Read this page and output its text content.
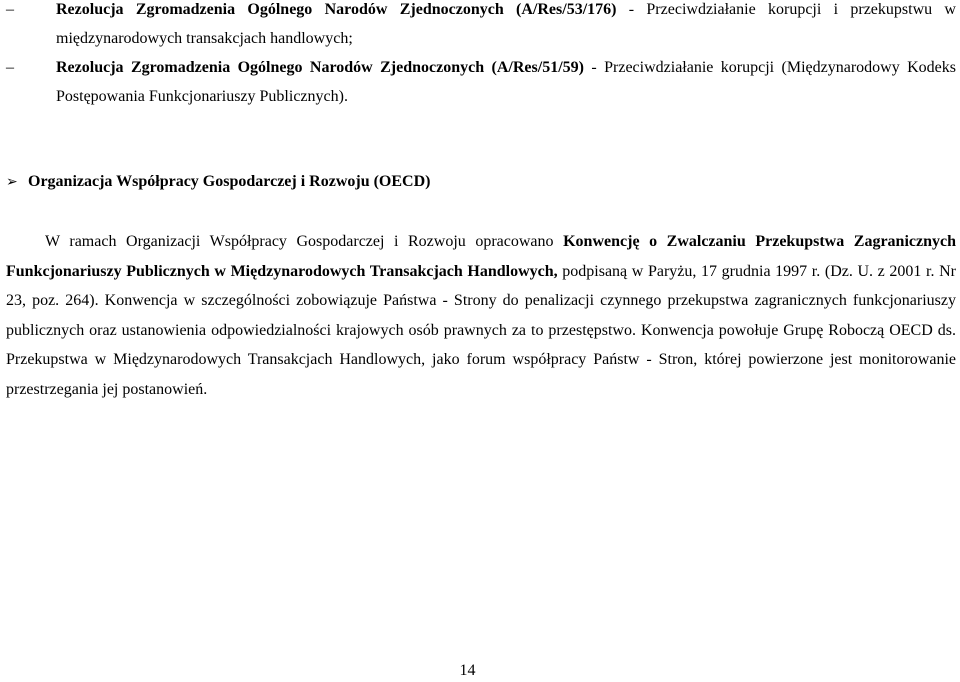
–	Rezolucja Zgromadzenia Ogólnego Narodów Zjednoczonych (A/Res/53/176) - Przeciwdziałanie korupcji i przekupstwu w międzynarodowych transakcjach handlowych;
–	Rezolucja Zgromadzenia Ogólnego Narodów Zjednoczonych (A/Res/51/59) - Przeciwdziałanie korupcji (Międzynarodowy Kodeks Postępowania Funkcjonariuszy Publicznych).
➢ Organizacja Współpracy Gospodarczej i Rozwoju (OECD)
W ramach Organizacji Współpracy Gospodarczej i Rozwoju opracowano Konwencję o Zwalczaniu Przekupstwa Zagranicznych Funkcjonariuszy Publicznych w Międzynarodowych Transakcjach Handlowych, podpisaną w Paryżu, 17 grudnia 1997 r. (Dz. U. z 2001 r. Nr 23, poz. 264). Konwencja w szczególności zobowiązuje Państwa - Strony do penalizacji czynnego przekupstwa zagranicznych funkcjonariuszy publicznych oraz ustanowienia odpowiedzialności krajowych osób prawnych za to przestępstwo. Konwencja powołuje Grupę Roboczą OECD ds. Przekupstwa w Międzynarodowych Transakcjach Handlowych, jako forum współpracy Państw - Stron, której powierzone jest monitorowanie przestrzegania jej postanowień.
14
